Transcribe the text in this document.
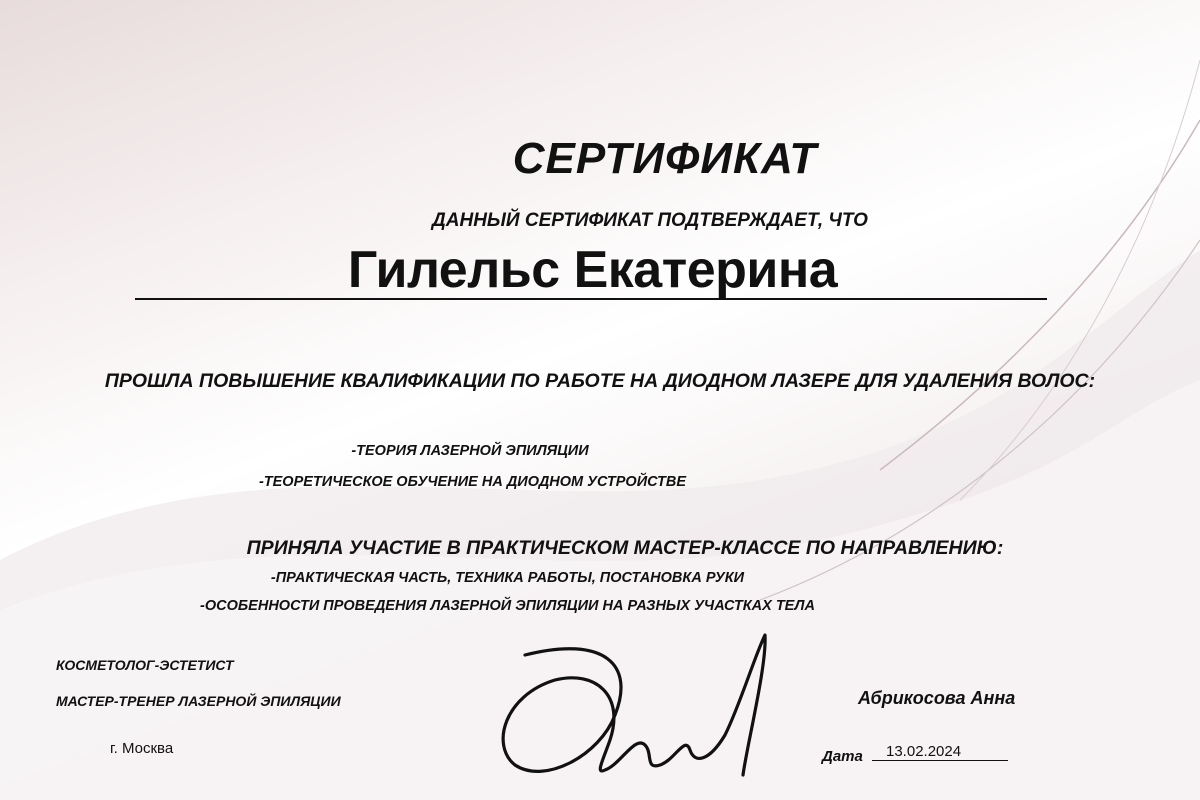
СЕРТИФИКАТ
ДАННЫЙ СЕРТИФИКАТ ПОДТВЕРЖДАЕТ, ЧТО
Гилельс Екатерина
ПРОШЛА ПОВЫШЕНИЕ КВАЛИФИКАЦИИ ПО РАБОТЕ НА ДИОДНОМ ЛАЗЕРЕ ДЛЯ УДАЛЕНИЯ ВОЛОС:
-ТЕОРИЯ ЛАЗЕРНОЙ ЭПИЛЯЦИИ
-ТЕОРЕТИЧЕСКОЕ ОБУЧЕНИЕ НА ДИОДНОМ УСТРОЙСТВЕ
ПРИНЯЛА УЧАСТИЕ В ПРАКТИЧЕСКОМ МАСТЕР-КЛАССЕ ПО НАПРАВЛЕНИЮ:
-ПРАКТИЧЕСКАЯ ЧАСТЬ, ТЕХНИКА РАБОТЫ, ПОСТАНОВКА РУКИ
-ОСОБЕННОСТИ ПРОВЕДЕНИЯ ЛАЗЕРНОЙ ЭПИЛЯЦИИ НА РАЗНЫХ УЧАСТКАХ ТЕЛА
КОСМЕТОЛОГ-ЭСТЕТИСТ
МАСТЕР-ТРЕНЕР ЛАЗЕРНОЙ ЭПИЛЯЦИИ
г. Москва
Абрикосова Анна
Дата	13.02.2024
